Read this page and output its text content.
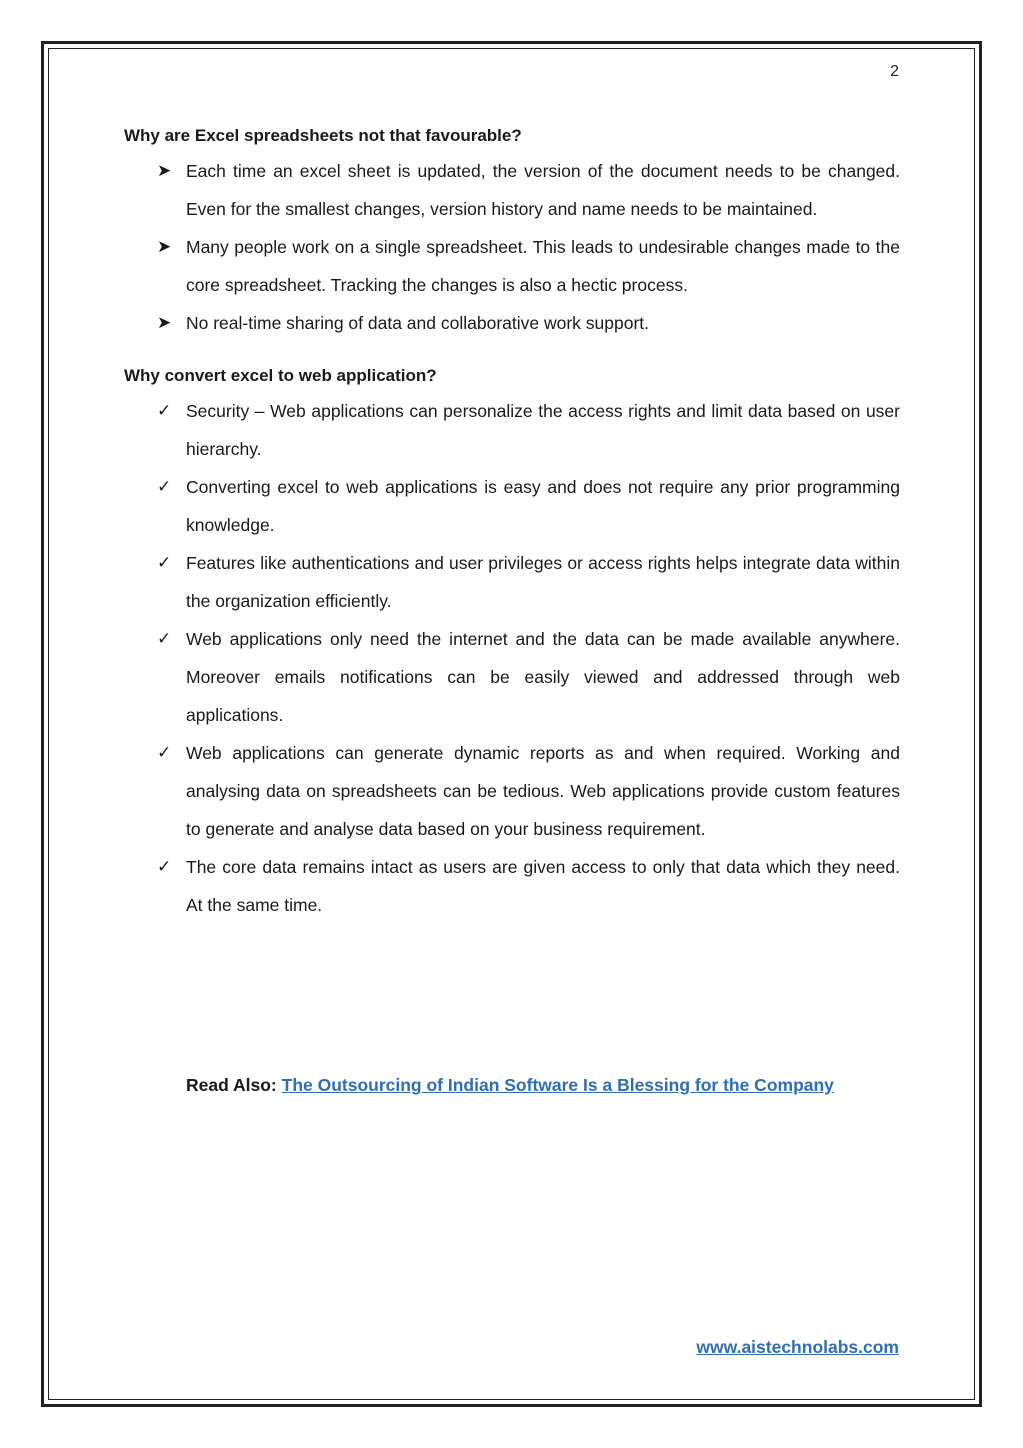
2
Why are Excel spreadsheets not that favourable?
➤ Each time an excel sheet is updated, the version of the document needs to be changed. Even for the smallest changes, version history and name needs to be maintained.
➤ Many people work on a single spreadsheet. This leads to undesirable changes made to the core spreadsheet. Tracking the changes is also a hectic process.
➤ No real-time sharing of data and collaborative work support.
Why convert excel to web application?
✓ Security – Web applications can personalize the access rights and limit data based on user hierarchy.
✓ Converting excel to web applications is easy and does not require any prior programming knowledge.
✓ Features like authentications and user privileges or access rights helps integrate data within the organization efficiently.
✓ Web applications only need the internet and the data can be made available anywhere. Moreover emails notifications can be easily viewed and addressed through web applications.
✓ Web applications can generate dynamic reports as and when required. Working and analysing data on spreadsheets can be tedious. Web applications provide custom features to generate and analyse data based on your business requirement.
✓ The core data remains intact as users are given access to only that data which they need. At the same time.
Read Also: The Outsourcing of Indian Software Is a Blessing for the Company
www.aistechnolabs.com
